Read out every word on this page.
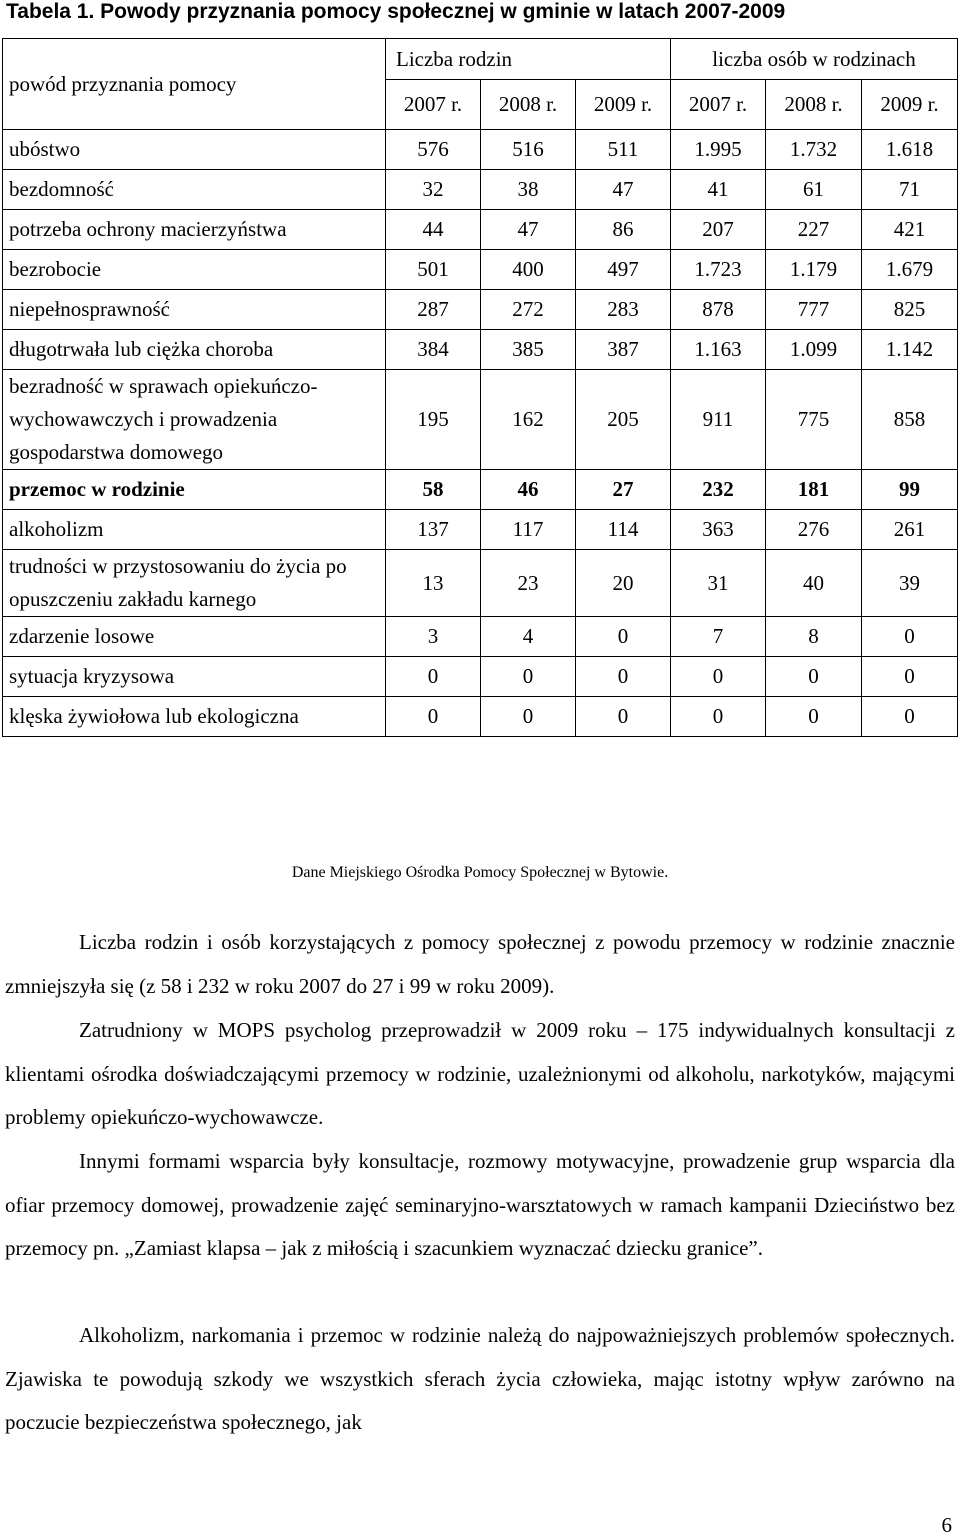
Tabela 1. Powody przyznania pomocy społecznej w gminie w latach 2007-2009
powód przyznania pomocy	Liczba rodzin			liczba osób w rodzinach		
	2007 r.	2008 r.	2009 r.	2007 r.	2008 r.	2009 r.
ubóstwo	576	516	511	1.995	1.732	1.618
bezdomność	32	38	47	41	61	71
potrzeba ochrony macierzyństwa	44	47	86	207	227	421
bezrobocie	501	400	497	1.723	1.179	1.679
niepełnosprawność	287	272	283	878	777	825
długotrwała lub ciężka choroba	384	385	387	1.163	1.099	1.142
bezradność w sprawach opiekuńczo-wychowawczych i prowadzenia gospodarstwa domowego	195	162	205	911	775	858
przemoc w rodzinie	58	46	27	232	181	99
alkoholizm	137	117	114	363	276	261
trudności w przystosowaniu do życia po opuszczeniu zakładu karnego	13	23	20	31	40	39
zdarzenie losowe	3	4	0	7	8	0
sytuacja kryzysowa	0	0	0	0	0	0
klęska żywiołowa lub ekologiczna	0	0	0	0	0	0
Dane Miejskiego Ośrodka Pomocy Społecznej w Bytowie.

Liczba rodzin i osób korzystających z pomocy społecznej z powodu przemocy w rodzinie znacznie zmniejszyła się (z 58 i 232 w roku 2007 do 27 i 99 w roku 2009).

Zatrudniony w MOPS psycholog przeprowadził w 2009 roku – 175 indywidualnych konsultacji z klientami ośrodka doświadczającymi przemocy w rodzinie, uzależnionymi od alkoholu, narkotyków, mającymi problemy opiekuńczo-wychowawcze.

Innymi formami wsparcia były konsultacje, rozmowy motywacyjne, prowadzenie grup wsparcia dla ofiar przemocy domowej, prowadzenie zajęć seminaryjno-warsztatowych w ramach kampanii Dzieciństwo bez przemocy pn. „Zamiast klapsa – jak z miłością i szacunkiem wyznaczać dziecku granice”.

Alkoholizm, narkomania i przemoc w rodzinie należą do najpoważniejszych problemów społecznych. Zjawiska te powodują szkody we wszystkich sferach życia człowieka, mając istotny wpływ zarówno na poczucie bezpieczeństwa społecznego, jak

6
